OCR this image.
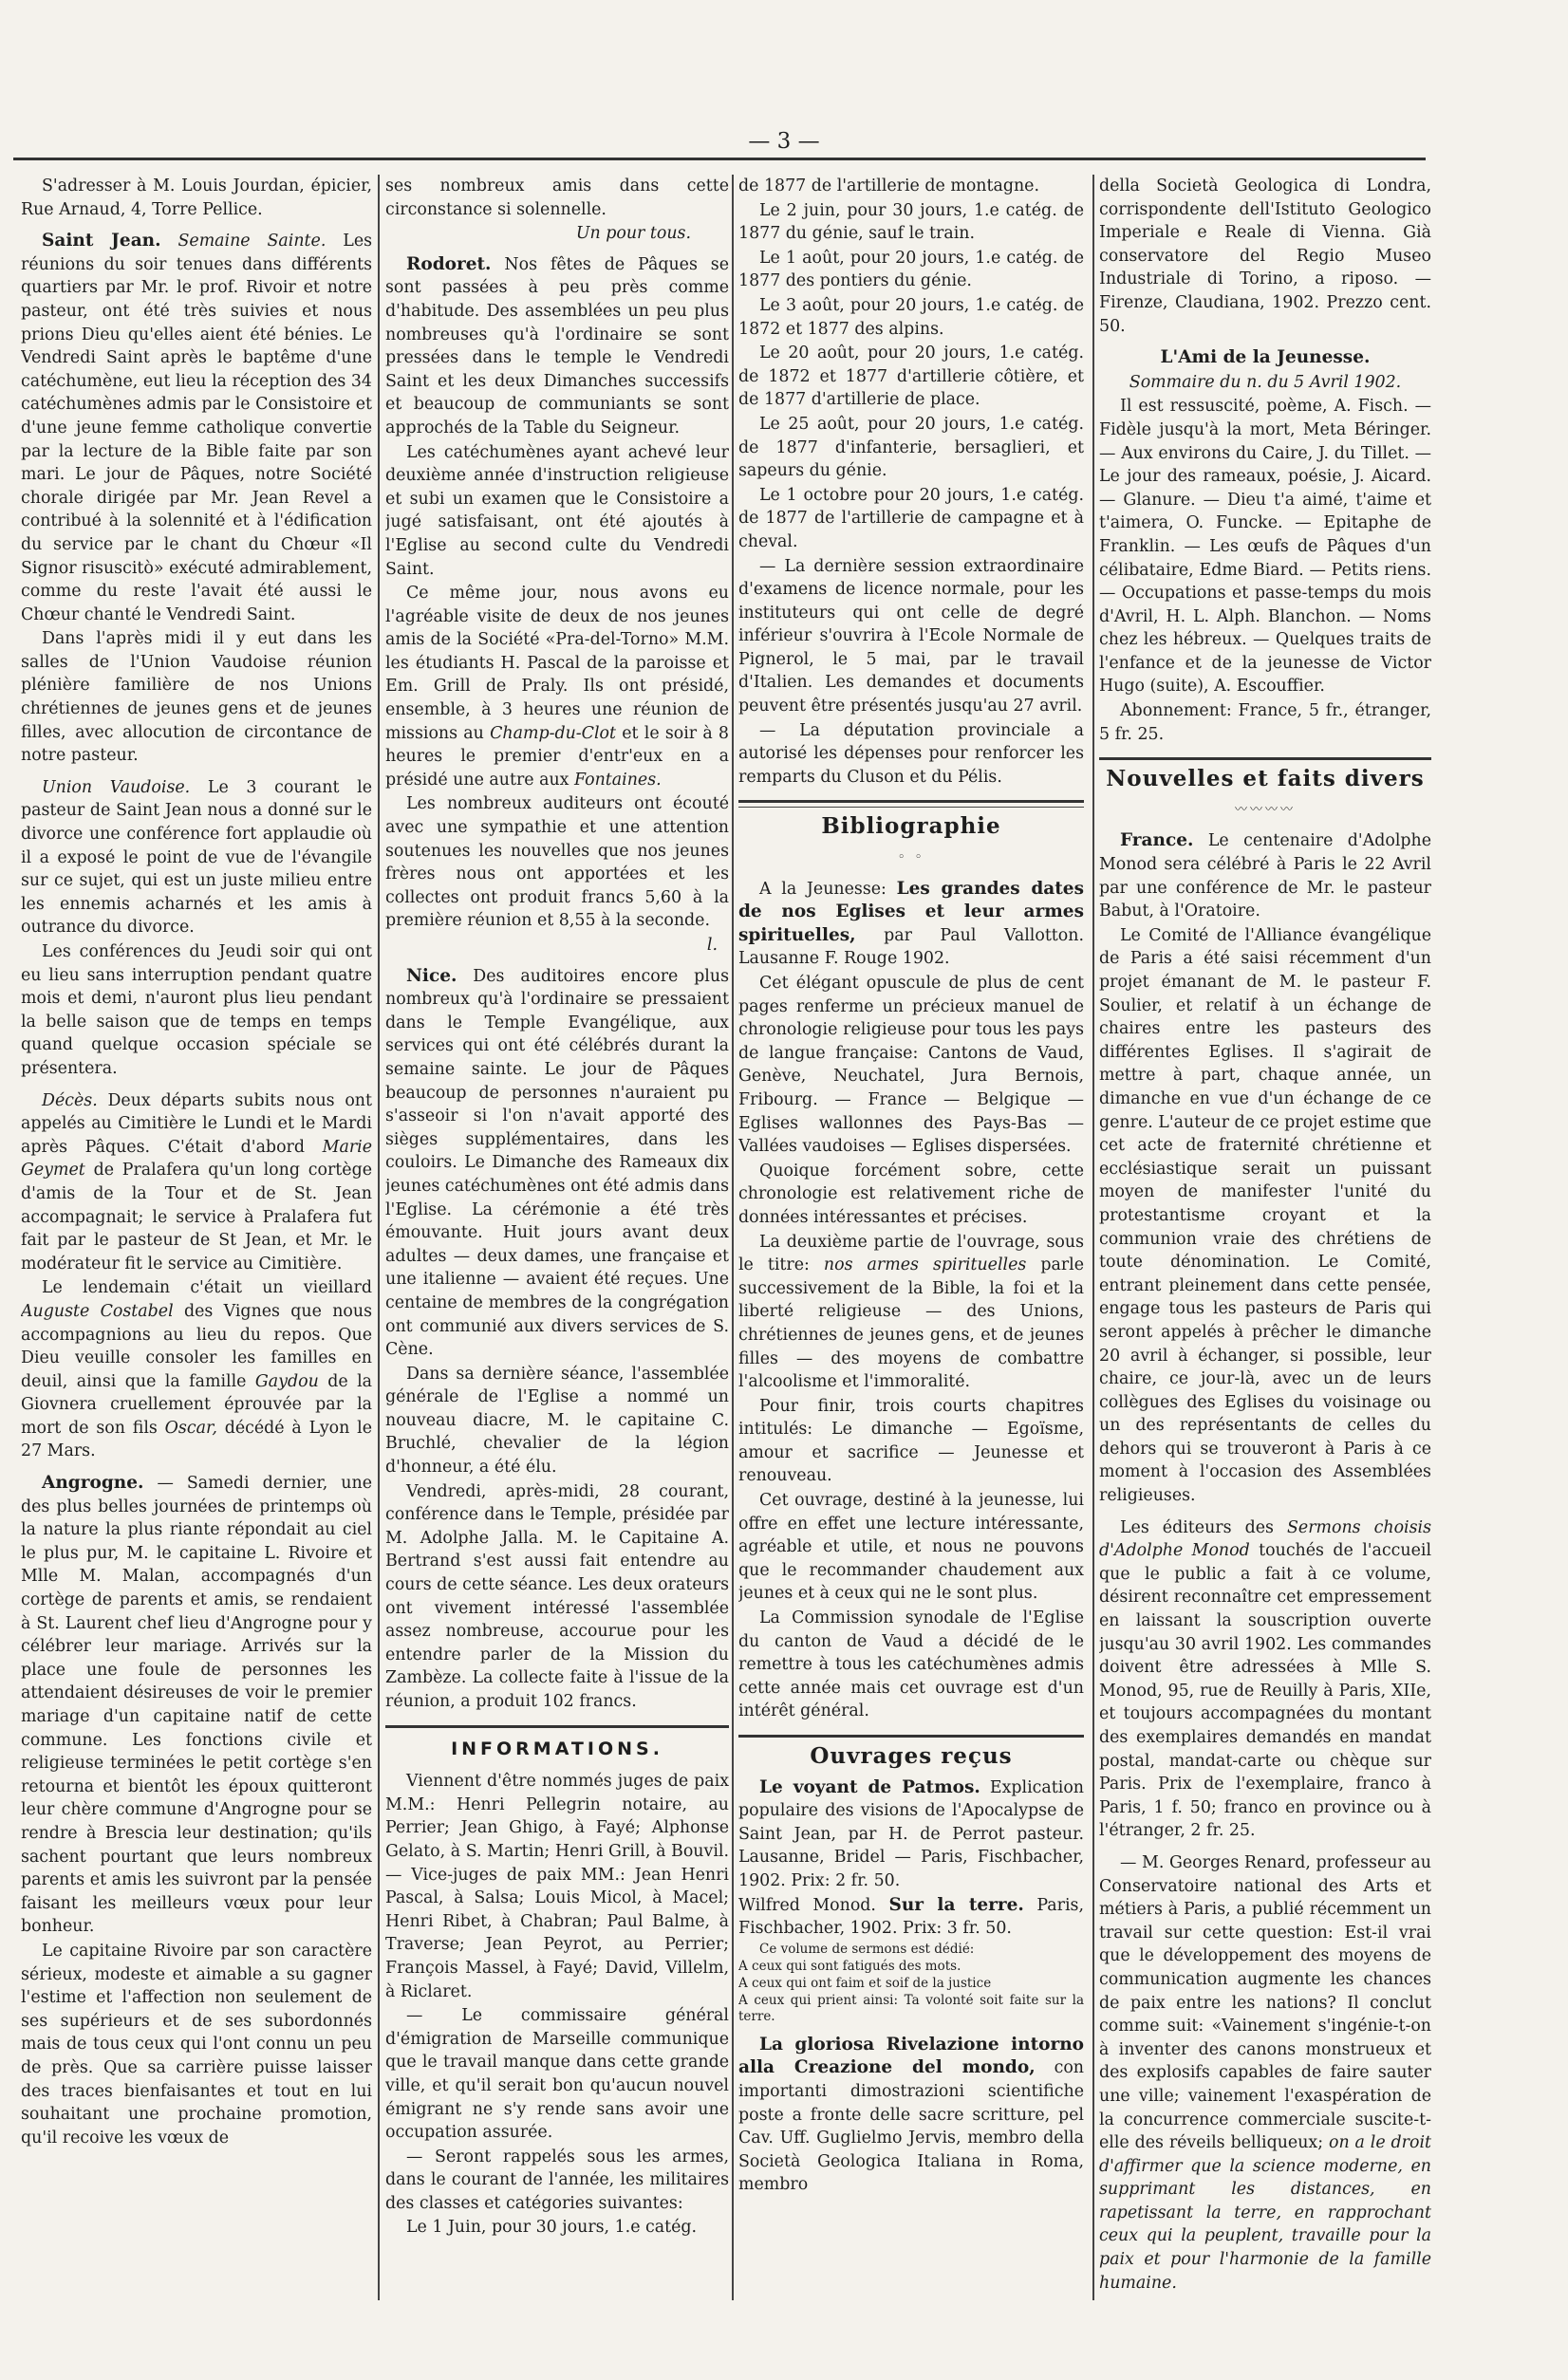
— 3 —

S'adresser à M. Louis Jourdan, épicier, Rue Arnaud, 4, Torre Pellice.

Saint Jean. Semaine Sainte. Les réunions du soir tenues dans différents quartiers par Mr. le prof. Rivoir et notre pasteur, ont été très suivies et nous prions Dieu qu'elles aient été bénies. Le Vendredi Saint après le baptême d'une catéchumène, eut lieu la réception des 34 catéchumènes admis par le Consistoire et d'une jeune femme catholique convertie par la lecture de la Bible faite par son mari. Le jour de Pâques, notre Société chorale dirigée par Mr. Jean Revel a contribué à la solennité et à l'édification du service par le chant du Chœur «Il Signor risuscitò» exécuté admirablement, comme du reste l'avait été aussi le Chœur chanté le Vendredi Saint.

Dans l'après midi il y eut dans les salles de l'Union Vaudoise réunion plénière familière de nos Unions chrétiennes de jeunes gens et de jeunes filles, avec allocution de circontance de notre pasteur.

Union Vaudoise. Le 3 courant le pasteur de Saint Jean nous a donné sur le divorce une conférence fort applaudie où il a exposé le point de vue de l'évangile sur ce sujet, qui est un juste milieu entre les ennemis acharnés et les amis à outrance du divorce.

Les conférences du Jeudi soir qui ont eu lieu sans interruption pendant quatre mois et demi, n'auront plus lieu pendant la belle saison que de temps en temps quand quelque occasion spéciale se présentera.

Décès. Deux départs subits nous ont appelés au Cimitière le Lundi et le Mardi après Pâques. C'était d'abord Marie Geymet de Pralafera qu'un long cortège d'amis de la Tour et de St. Jean accompagnait; le service à Pralafera fut fait par le pasteur de St Jean, et Mr. le modérateur fit le service au Cimitière.

Le lendemain c'était un vieillard Auguste Costabel des Vignes que nous accompagnions au lieu du repos. Que Dieu veuille consoler les familles en deuil, ainsi que la famille Gaydou de la Giovnera cruellement éprouvée par la mort de son fils Oscar, décédé à Lyon le 27 Mars.

Angrogne. — Samedi dernier, une des plus belles journées de printemps où la nature la plus riante répondait au ciel le plus pur, M. le capitaine L. Rivoire et Mlle M. Malan, accompagnés d'un cortège de parents et amis, se rendaient à St. Laurent chef lieu d'Angrogne pour y célébrer leur mariage. Arrivés sur la place une foule de personnes les attendaient désireuses de voir le premier mariage d'un capitaine natif de cette commune. Les fonctions civile et religieuse terminées le petit cortège s'en retourna et bientôt les époux quitteront leur chère commune d'Angrogne pour se rendre à Brescia leur destination; qu'ils sachent pourtant que leurs nombreux parents et amis les suivront par la pensée faisant les meilleurs vœux pour leur bonheur.

Le capitaine Rivoire par son caractère sérieux, modeste et aimable a su gagner l'estime et l'affection non seulement de ses supérieurs et de ses subordonnés mais de tous ceux qui l'ont connu un peu de près. Que sa carrière puisse laisser des traces bienfaisantes et tout en lui souhaitant une prochaine promotion, qu'il recoive les vœux de

ses nombreux amis dans cette circonstance si solennelle.

Un pour tous.

Rodoret. Nos fêtes de Pâques se sont passées à peu près comme d'habitude. Des assemblées un peu plus nombreuses qu'à l'ordinaire se sont pressées dans le temple le Vendredi Saint et les deux Dimanches successifs et beaucoup de communiants se sont approchés de la Table du Seigneur.

Les catéchumènes ayant achevé leur deuxième année d'instruction religieuse et subi un examen que le Consistoire a jugé satisfaisant, ont été ajoutés à l'Eglise au second culte du Vendredi Saint.

Ce même jour, nous avons eu l'agréable visite de deux de nos jeunes amis de la Société «Pra-del-Torno» M.M. les étudiants H. Pascal de la paroisse et Em. Grill de Praly. Ils ont présidé, ensemble, à 3 heures une réunion de missions au Champ-du-Clot et le soir à 8 heures le premier d'entr'eux en a présidé une autre aux Fontaines.

Les nombreux auditeurs ont écouté avec une sympathie et une attention soutenues les nouvelles que nos jeunes frères nous ont apportées et les collectes ont produit francs 5,60 à la première réunion et 8,55 à la seconde.

l.

Nice. Des auditoires encore plus nombreux qu'à l'ordinaire se pressaient dans le Temple Evangélique, aux services qui ont été célébrés durant la semaine sainte. Le jour de Pâques beaucoup de personnes n'auraient pu s'asseoir si l'on n'avait apporté des sièges supplémentaires, dans les couloirs. Le Dimanche des Rameaux dix jeunes catéchumènes ont été admis dans l'Eglise. La cérémonie a été très émouvante. Huit jours avant deux adultes — deux dames, une française et une italienne — avaient été reçues. Une centaine de membres de la congrégation ont communié aux divers services de S. Cène.

Dans sa dernière séance, l'assemblée générale de l'Eglise a nommé un nouveau diacre, M. le capitaine C. Bruchlé, chevalier de la légion d'honneur, a été élu.

Vendredi, après-midi, 28 courant, conférence dans le Temple, présidée par M. Adolphe Jalla. M. le Capitaine A. Bertrand s'est aussi fait entendre au cours de cette séance. Les deux orateurs ont vivement intéressé l'assemblée assez nombreuse, accourue pour les entendre parler de la Mission du Zambèze. La collecte faite à l'issue de la réunion, a produit 102 francs.

INFORMATIONS.

Viennent d'être nommés juges de paix M.M.: Henri Pellegrin notaire, au Perrier; Jean Ghigo, à Fayé; Alphonse Gelato, à S. Martin; Henri Grill, à Bouvil. — Vice-juges de paix MM.: Jean Henri Pascal, à Salsa; Louis Micol, à Macel; Henri Ribet, à Chabran; Paul Balme, à Traverse; Jean Peyrot, au Perrier; François Massel, à Fayé; David, Villelm, à Riclaret.

— Le commissaire général d'émigration de Marseille communique que le travail manque dans cette grande ville, et qu'il serait bon qu'aucun nouvel émigrant ne s'y rende sans avoir une occupation assurée.

— Seront rappelés sous les armes, dans le courant de l'année, les militaires des classes et catégories suivantes:

Le 1 Juin, pour 30 jours, 1.e catég.

de 1877 de l'artillerie de montagne.

Le 2 juin, pour 30 jours, 1.e catég. de 1877 du génie, sauf le train.

Le 1 août, pour 20 jours, 1.e catég. de 1877 des pontiers du génie.

Le 3 août, pour 20 jours, 1.e catég. de 1872 et 1877 des alpins.

Le 20 août, pour 20 jours, 1.e catég. de 1872 et 1877 d'artillerie côtière, et de 1877 d'artillerie de place.

Le 25 août, pour 20 jours, 1.e catég. de 1877 d'infanterie, bersaglieri, et sapeurs du génie.

Le 1 octobre pour 20 jours, 1.e catég. de 1877 de l'artillerie de campagne et à cheval.

— La dernière session extraordinaire d'examens de licence normale, pour les instituteurs qui ont celle de degré inférieur s'ouvrira à l'Ecole Normale de Pignerol, le 5 mai, par le travail d'Italien. Les demandes et documents peuvent être présentés jusqu'au 27 avril.

— La députation provinciale a autorisé les dépenses pour renforcer les remparts du Cluson et du Pélis.

Bibliographie
◦ ◦

A la Jeunesse: Les grandes dates de nos Eglises et leur armes spirituelles, par Paul Vallotton. Lausanne F. Rouge 1902.

Cet élégant opuscule de plus de cent pages renferme un précieux manuel de chronologie religieuse pour tous les pays de langue française: Cantons de Vaud, Genève, Neuchatel, Jura Bernois, Fribourg. — France — Belgique — Eglises wallonnes des Pays-Bas — Vallées vaudoises — Eglises dispersées.

Quoique forcément sobre, cette chronologie est relativement riche de données intéressantes et précises.

La deuxième partie de l'ouvrage, sous le titre: nos armes spirituelles parle successivement de la Bible, la foi et la liberté religieuse — des Unions, chrétiennes de jeunes gens, et de jeunes filles — des moyens de combattre l'alcoolisme et l'immoralité.

Pour finir, trois courts chapitres intitulés: Le dimanche — Egoïsme, amour et sacrifice — Jeunesse et renouveau.

Cet ouvrage, destiné à la jeunesse, lui offre en effet une lecture intéressante, agréable et utile, et nous ne pouvons que le recommander chaudement aux jeunes et à ceux qui ne le sont plus.

La Commission synodale de l'Eglise du canton de Vaud a décidé de le remettre à tous les catéchumènes admis cette année mais cet ouvrage est d'un intérêt général.

Ouvrages reçus

Le voyant de Patmos. Explication populaire des visions de l'Apocalypse de Saint Jean, par H. de Perrot pasteur. Lausanne, Bridel — Paris, Fischbacher, 1902. Prix: 2 fr. 50.

Wilfred Monod. Sur la terre. Paris, Fischbacher, 1902. Prix: 3 fr. 50.

Ce volume de sermons est dédié:

A ceux qui sont fatigués des mots.

A ceux qui ont faim et soif de la justice

A ceux qui prient ainsi: Ta volonté soit faite sur la terre.

La gloriosa Rivelazione intorno alla Creazione del mondo, con importanti dimostrazioni scientifiche poste a fronte delle sacre scritture, pel Cav. Uff. Guglielmo Jervis, membro della Società Geologica Italiana in Roma, membro

della Società Geologica di Londra, corrispondente dell'Istituto Geologico Imperiale e Reale di Vienna. Già conservatore del Regio Museo Industriale di Torino, a riposo. — Firenze, Claudiana, 1902. Prezzo cent. 50.

L'Ami de la Jeunesse.

Sommaire du n. du 5 Avril 1902.

Il est ressuscité, poème, A. Fisch. — Fidèle jusqu'à la mort, Meta Béringer. — Aux environs du Caire, J. du Tillet. — Le jour des rameaux, poésie, J. Aicard. — Glanure. — Dieu t'a aimé, t'aime et t'aimera, O. Funcke. — Epitaphe de Franklin. — Les œufs de Pâques d'un célibataire, Edme Biard. — Petits riens. — Occupations et passe-temps du mois d'Avril, H. L. Alph. Blanchon. — Noms chez les hébreux. — Quelques traits de l'enfance et de la jeunesse de Victor Hugo (suite), A. Escouffier.

Abonnement: France, 5 fr., étranger, 5 fr. 25.

Nouvelles et faits divers
〰〰〰〰

France. Le centenaire d'Adolphe Monod sera célébré à Paris le 22 Avril par une conférence de Mr. le pasteur Babut, à l'Oratoire.

Le Comité de l'Alliance évangélique de Paris a été saisi récemment d'un projet émanant de M. le pasteur F. Soulier, et relatif à un échange de chaires entre les pasteurs des différentes Eglises. Il s'agirait de mettre à part, chaque année, un dimanche en vue d'un échange de ce genre. L'auteur de ce projet estime que cet acte de fraternité chrétienne et ecclésiastique serait un puissant moyen de manifester l'unité du protestantisme croyant et la communion vraie des chrétiens de toute dénomination. Le Comité, entrant pleinement dans cette pensée, engage tous les pasteurs de Paris qui seront appelés à prêcher le dimanche 20 avril à échanger, si possible, leur chaire, ce jour-là, avec un de leurs collègues des Eglises du voisinage ou un des représentants de celles du dehors qui se trouveront à Paris à ce moment à l'occasion des Assemblées religieuses.

Les éditeurs des Sermons choisis d'Adolphe Monod touchés de l'accueil que le public a fait à ce volume, désirent reconnaître cet empressement en laissant la souscription ouverte jusqu'au 30 avril 1902. Les commandes doivent être adressées à Mlle S. Monod, 95, rue de Reuilly à Paris, XIIe, et toujours accompagnées du montant des exemplaires demandés en mandat postal, mandat-carte ou chèque sur Paris. Prix de l'exemplaire, franco à Paris, 1 f. 50; franco en province ou à l'étranger, 2 fr. 25.

— M. Georges Renard, professeur au Conservatoire national des Arts et métiers à Paris, a publié récemment un travail sur cette question: Est-il vrai que le développement des moyens de communication augmente les chances de paix entre les nations? Il conclut comme suit: «Vainement s'ingénie-t-on à inventer des canons monstrueux et des explosifs capables de faire sauter une ville; vainement l'exaspération de la concurrence commerciale suscite-t-elle des réveils belliqueux; on a le droit d'affirmer que la science moderne, en supprimant les distances, en rapetissant la terre, en rapprochant ceux qui la peuplent, travaille pour la paix et pour l'harmonie de la famille humaine.
